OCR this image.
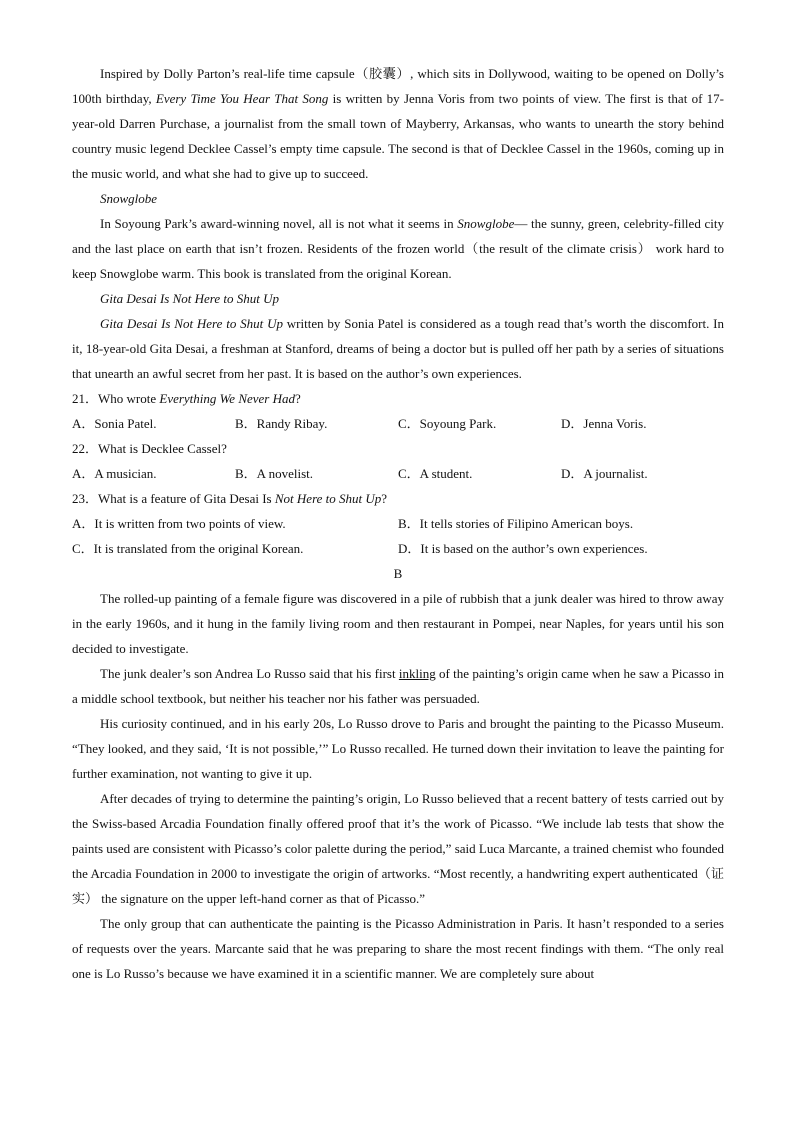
Inspired by Dolly Parton’s real-life time capsule（胶囊）, which sits in Dollywood, waiting to be opened on Dolly’s 100th birthday, Every Time You Hear That Song is written by Jenna Voris from two points of view. The first is that of 17-year-old Darren Purchase, a journalist from the small town of Mayberry, Arkansas, who wants to unearth the story behind country music legend Decklee Cassel’s empty time capsule. The second is that of Decklee Cassel in the 1960s, coming up in the music world, and what she had to give up to succeed.

Snowglobe

In Soyoung Park’s award-winning novel, all is not what it seems in Snowglobe— the sunny, green, celebrity-filled city and the last place on earth that isn’t frozen. Residents of the frozen world（the result of the climate crisis） work hard to keep Snowglobe warm. This book is translated from the original Korean.

Gita Desai Is Not Here to Shut Up

Gita Desai Is Not Here to Shut Up written by Sonia Patel is considered as a tough read that’s worth the discomfort. In it, 18-year-old Gita Desai, a freshman at Stanford, dreams of being a doctor but is pulled off her path by a series of situations that unearth an awful secret from her past. It is based on the author’s own experiences.

21．Who wrote Everything We Never Had?

A．Sonia Patel.	B．Randy Ribay.	C．Soyoung Park.	D．Jenna Voris.

22．What is Decklee Cassel?

A．A musician.	B．A novelist.	C．A student.	D．A journalist.

23．What is a feature of Gita Desai Is Not Here to Shut Up?

A．It is written from two points of view.	B．It tells stories of Filipino American boys.
C．It is translated from the original Korean.	D．It is based on the author’s own experiences.

B

The rolled-up painting of a female figure was discovered in a pile of rubbish that a junk dealer was hired to throw away in the early 1960s, and it hung in the family living room and then restaurant in Pompei, near Naples, for years until his son decided to investigate.

The junk dealer’s son Andrea Lo Russo said that his first inkling of the painting’s origin came when he saw a Picasso in a middle school textbook, but neither his teacher nor his father was persuaded.

His curiosity continued, and in his early 20s, Lo Russo drove to Paris and brought the painting to the Picasso Museum. “They looked, and they said, ‘It is not possible,’” Lo Russo recalled. He turned down their invitation to leave the painting for further examination, not wanting to give it up.

After decades of trying to determine the painting’s origin, Lo Russo believed that a recent battery of tests carried out by the Swiss-based Arcadia Foundation finally offered proof that it’s the work of Picasso. “We include lab tests that show the paints used are consistent with Picasso’s color palette during the period,” said Luca Marcante, a trained chemist who founded the Arcadia Foundation in 2000 to investigate the origin of artworks. “Most recently, a handwriting expert authenticated（证实） the signature on the upper left-hand corner as that of Picasso.”

The only group that can authenticate the painting is the Picasso Administration in Paris. It hasn’t responded to a series of requests over the years. Marcante said that he was preparing to share the most recent findings with them. “The only real one is Lo Russo’s because we have examined it in a scientific manner. We are completely sure about
